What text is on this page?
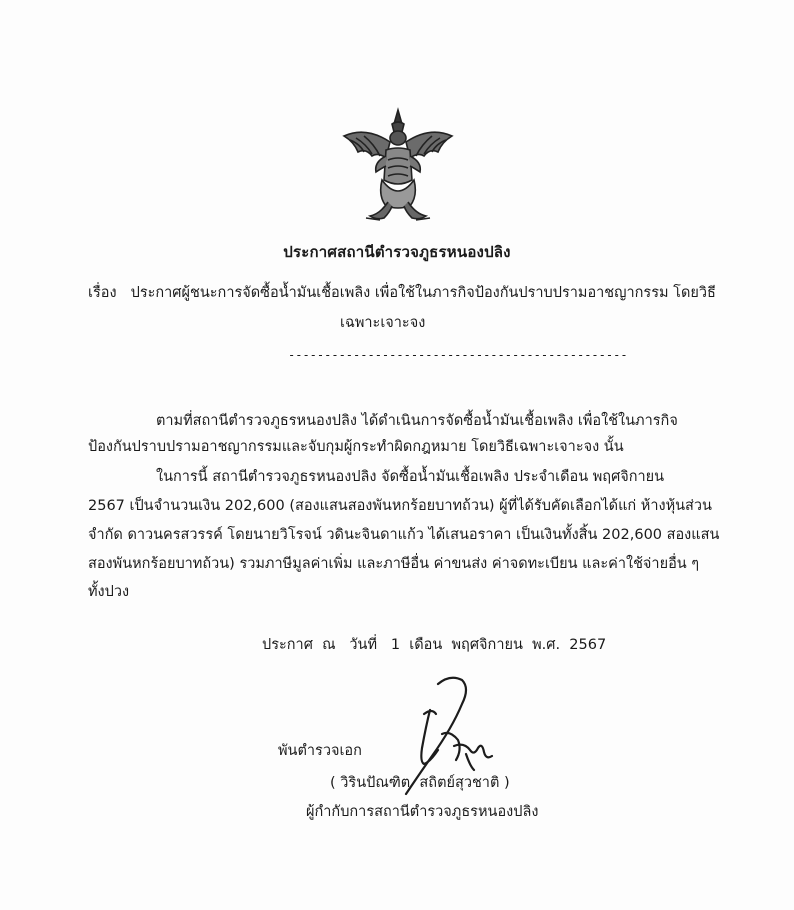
ประกาศสถานีตำรวจภูธรหนองปลิง
เรื่อง ประกาศผู้ชนะการจัดซื้อน้ำมันเชื้อเพลิง เพื่อใช้ในภารกิจป้องกันปราบปรามอาชญากรรม โดยวิธี
เฉพาะเจาะจง
-----------------------------------------------
ตามที่สถานีตำรวจภูธรหนองปลิง ได้ดำเนินการจัดซื้อน้ำมันเชื้อเพลิง เพื่อใช้ในภารกิจ
ป้องกันปราบปรามอาชญากรรมและจับกุมผู้กระทำผิดกฎหมาย โดยวิธีเฉพาะเจาะจง นั้น
ในการนี้ สถานีตำรวจภูธรหนองปลิง จัดซื้อน้ำมันเชื้อเพลิง ประจำเดือน พฤศจิกายน
2567 เป็นจำนวนเงิน 202,600 (สองแสนสองพันหกร้อยบาทถ้วน) ผู้ที่ได้รับคัดเลือกได้แก่ ห้างหุ้นส่วน
จำกัด ดาวนครสวรรค์ โดยนายวิโรจน์ วดินะจินดาแก้ว ได้เสนอราคา เป็นเงินทั้งสิ้น 202,600 สองแสน
สองพันหกร้อยบาทถ้วน) รวมภาษีมูลค่าเพิ่ม และภาษีอื่น ค่าขนส่ง ค่าจดทะเบียน และค่าใช้จ่ายอื่น ๆ
ทั้งปวง
ประกาศ  ณ   วันที่   1  เดือน  พฤศจิกายน  พ.ศ.  2567
พันตำรวจเอก
( วิรินปัณฑิต  สถิตย์สุวชาติ )
ผู้กำกับการสถานีตำรวจภูธรหนองปลิง
